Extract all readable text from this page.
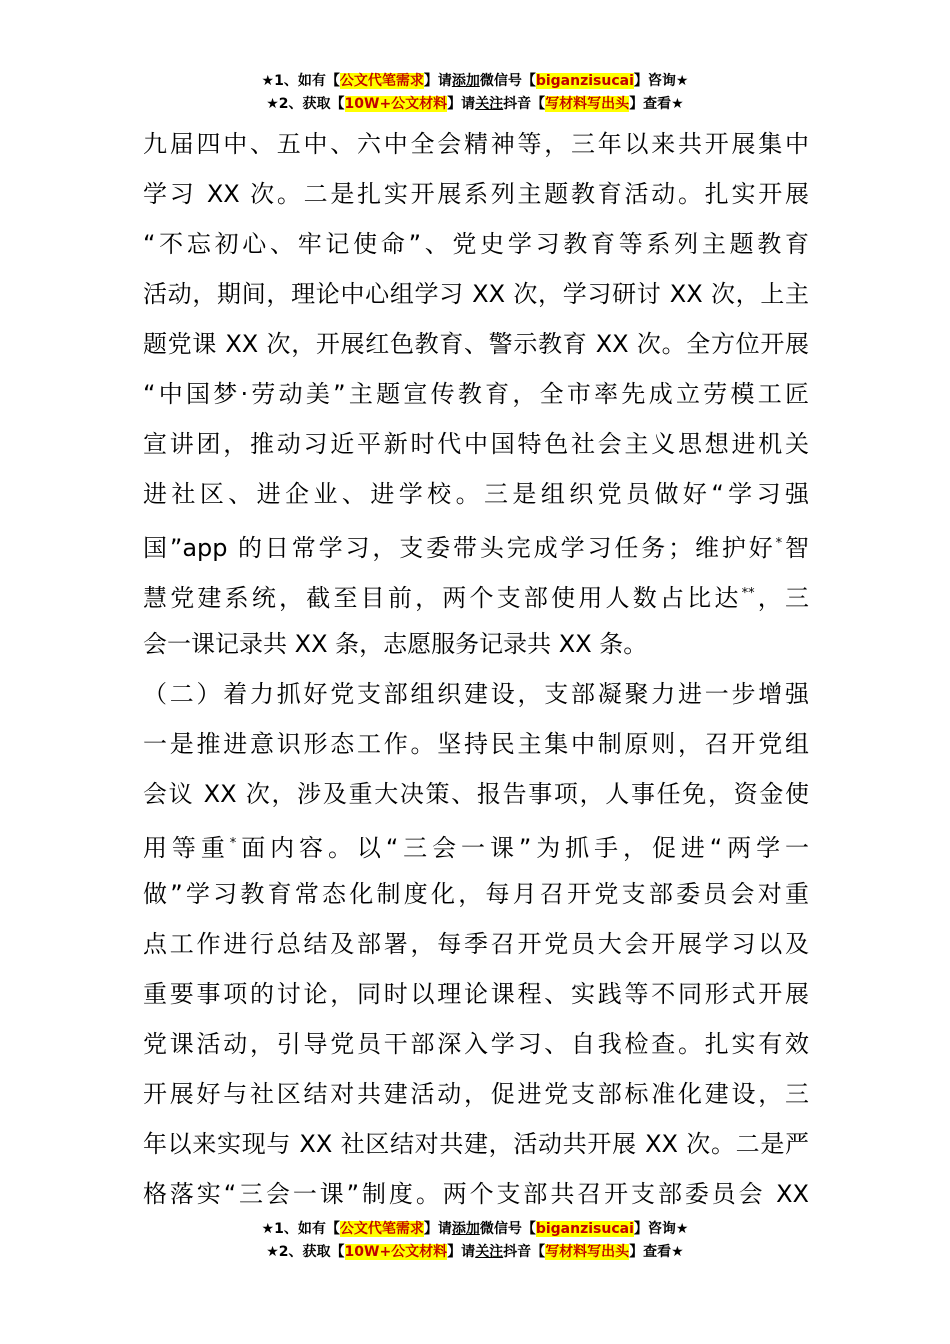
★1、如有【公文代笔需求】请添加微信号【biganzisucai】咨询★
★2、获取【10W+公文材料】请关注抖音【写材料写出头】查看★
九届四中、五中、六中全会精神等，三年以来共开展集中
学习 XX 次。二是扎实开展系列主题教育活动。扎实开展
“不忘初心、牢记使命”、党史学习教育等系列主题教育
活动，期间，理论中心组学习 XX 次，学习研讨 XX 次，上主
题党课 XX 次，开展红色教育、警示教育 XX 次。全方位开展
“中国梦·劳动美”主题宣传教育，全市率先成立劳模工匠
宣讲团，推动习近平新时代中国特色社会主义思想进机关
进社区、进企业、进学校。三是组织党员做好“学习强
国”app 的日常学习，支委带头完成学习任务；维护好*智
慧党建系统，截至目前，两个支部使用人数占比达**，三
会一课记录共 XX 条，志愿服务记录共 XX 条。
（二）着力抓好党支部组织建设，支部凝聚力进一步增强
一是推进意识形态工作。坚持民主集中制原则，召开党组
会议 XX 次，涉及重大决策、报告事项，人事任免，资金使
用等重*面内容。以“三会一课”为抓手，促进“两学一
做”学习教育常态化制度化，每月召开党支部委员会对重
点工作进行总结及部署，每季召开党员大会开展学习以及
重要事项的讨论，同时以理论课程、实践等不同形式开展
党课活动，引导党员干部深入学习、自我检查。扎实有效
开展好与社区结对共建活动，促进党支部标准化建设，三
年以来实现与 XX 社区结对共建，活动共开展 XX 次。二是严
格落实“三会一课”制度。两个支部共召开支部委员会 XX
★1、如有【公文代笔需求】请添加微信号【biganzisucai】咨询★
★2、获取【10W+公文材料】请关注抖音【写材料写出头】查看★
